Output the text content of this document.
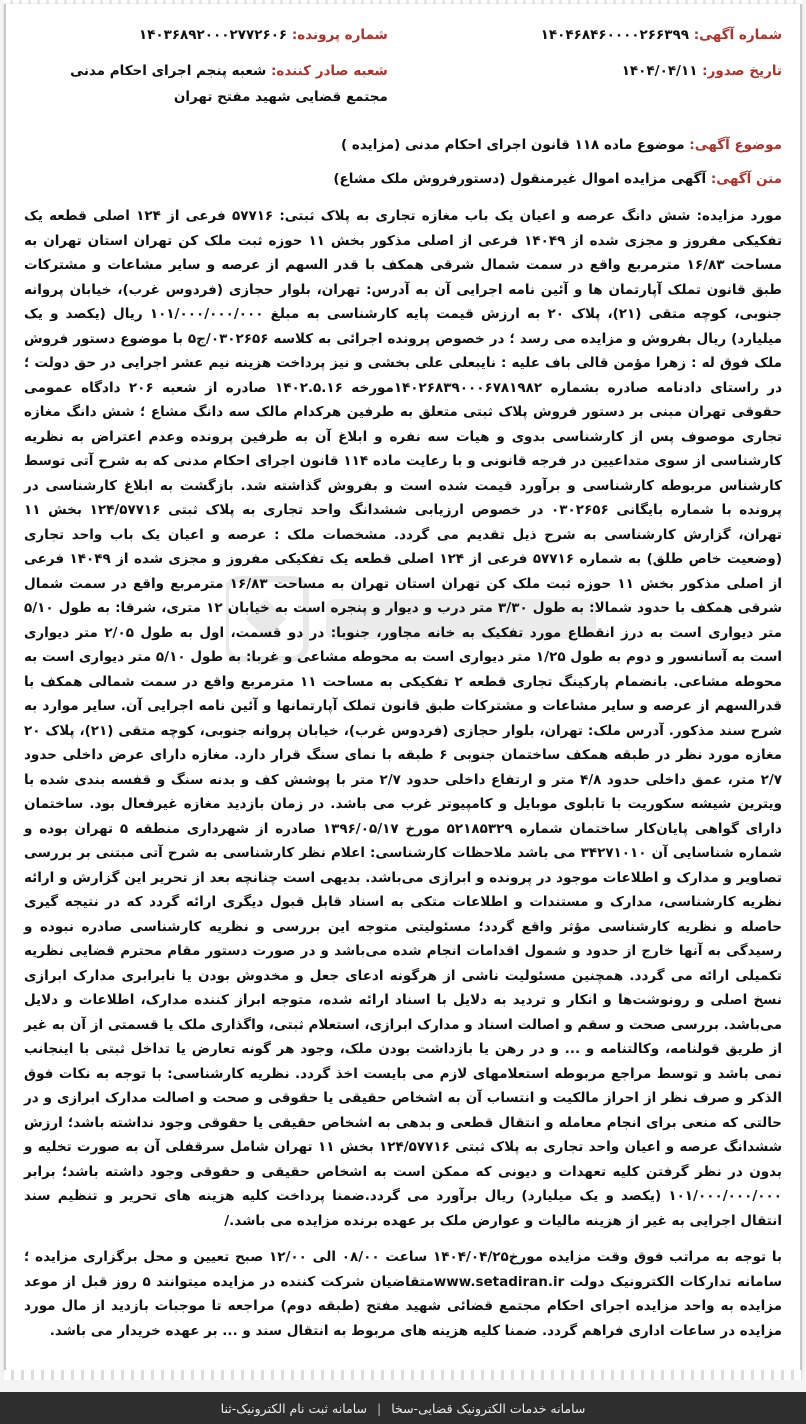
شماره آگهی: ۱۴۰۴۶۸۴۶۰۰۰۰۲۶۶۳۹۹
شماره پرونده: ۱۴۰۳۶۸۹۲۰۰۰۲۷۷۲۶۰۶
تاریخ صدور: ۱۴۰۴/۰۴/۱۱
شعبه صادر کننده: شعبه پنجم اجرای احکام مدنی مجتمع قضایی شهید مفتح تهران
موضوع آگهی: موضوع ماده ۱۱۸ قانون اجرای احکام مدنی (مزایده )
متن آگهی: آگهی مزایده اموال غیرمنقول (دستورفروش ملک مشاع)

مورد مزایده: شش دانگ عرصه و اعیان یک باب مغازه تجاری به پلاک ثبتی: ۵۷۷۱۶ فرعی از ۱۲۴ اصلی قطعه یک تفکیکی مفروز و مجزی شده از ۱۴۰۴۹ فرعی از اصلی مذکور بخش ۱۱ حوزه ثبت ملک کن تهران استان تهران به مساحت ۱۶/۸۳ مترمربع واقع در سمت شمال شرقی همکف با قدر السهم از عرصه و سایر مشاعات و مشترکات طبق قانون تملک آپارتمان ها و آئین نامه اجرایی آن به آدرس: تهران، بلوار حجازی (فردوس غرب)، خیابان پروانه جنوبی، کوچه متقی (۲۱)، پلاک ۲۰ به ارزش قیمت پایه کارشناسی به مبلغ ۱۰۱/۰۰۰/۰۰۰/۰۰۰ ریال (یکصد و یک میلیارد) ریال بفروش و مزایده می رسد ؛ در خصوص پرونده اجرائی به کلاسه ۰۳۰۲۶۵۶/ج۵ با موضوع دستور فروش ملک فوق له : زهرا مؤمن قالی باف علیه : نایبعلی علی بخشی و نیز پرداخت هزینه نیم عشر اجرایی در حق دولت ؛ در راستای دادنامه صادره بشماره ۱۴۰۲۶۸۳۹۰۰۰۶۷۸۱۹۸۲مورخه ۱۴۰۲.۵.۱۶ صادره از شعبه ۲۰۶ دادگاه عمومی حقوقی تهران مبنی بر دستور فروش پلاک ثبتی متعلق به طرفین هرکدام مالک سه دانگ مشاع ؛ شش دانگ مغازه تجاری موصوف پس از کارشناسی بدوی و هیات سه نفره و ابلاغ آن به طرفین پرونده وعدم اعتراض به نظریه کارشناسی از سوی متداعیین در فرجه قانونی و با رعایت ماده ۱۱۴ قانون اجرای احکام مدنی که به شرح آتی توسط کارشناس مربوطه کارشناسی و برآورد قیمت شده است و بفروش گذاشته شد. بازگشت به ابلاغ کارشناسی در پرونده با شماره بایگانی ۰۳۰۲۶۵۶ در خصوص ارزیابی ششدانگ واحد تجاری به پلاک ثبتی ۱۲۴/۵۷۷۱۶ بخش ۱۱ تهران، گزارش کارشناسی به شرح ذیل تقدیم می گردد. مشخصات ملک : عرصه و اعیان یک باب واحد تجاری (وضعیت خاص طلق) به شماره ۵۷۷۱۶ فرعی از ۱۲۴ اصلی قطعه یک تفکیکی مفروز و مجزی شده از ۱۴۰۴۹ فرعی از اصلی مذکور بخش ۱۱ حوزه ثبت ملک کن تهران استان تهران به مساحت ۱۶/۸۳ مترمربع واقع در سمت شمال شرقی همکف با حدود شمالا: به طول ۳/۳۰ متر درب و دیوار و پنجره است به خیابان ۱۲ متری، شرقا: به طول ۵/۱۰ متر دیواری است به درز انقطاع مورد تفکیک به خانه مجاور، جنوبا: در دو قسمت، اول به طول ۲/۰۵ متر دیواری است به آسانسور و دوم به طول ۱/۲۵ متر دیواری است به محوطه مشاعی و غربا: به طول ۵/۱۰ متر دیواری است به محوطه مشاعی. بانضمام پارکینگ تجاری قطعه ۲ تفکیکی به مساحت ۱۱ مترمربع واقع در سمت شمالی همکف با قدرالسهم از عرصه و سایر مشاعات و مشترکات طبق قانون تملک آپارتمانها و آئین نامه اجرایی آن. سایر موارد به شرح سند مذکور. آدرس ملک: تهران، بلوار حجازی (فردوس غرب)، خیابان پروانه جنوبی، کوچه متقی (۲۱)، پلاک ۲۰ مغازه مورد نظر در طبقه همکف ساختمان جنوبی ۶ طبقه با نمای سنگ قرار دارد. مغازه دارای عرض داخلی حدود ۲/۷ متر، عمق داخلی حدود ۴/۸ متر و ارتفاع داخلی حدود ۲/۷ متر با پوشش کف و بدنه سنگ و قفسه بندی شده با ویترین شیشه سکوریت با تابلوی موبایل و کامپیوتر غرب می باشد. در زمان بازدید مغازه غیرفعال بود. ساختمان دارای گواهی پایان‌کار ساختمان شماره ۵۲۱۸۵۳۲۹ مورخ ۱۳۹۶/۰۵/۱۷ صادره از شهرداری منطقه ۵ تهران بوده و شماره شناسایی آن ۳۴۲۷۱۰۱۰ می باشد ملاحظات کارشناسی: اعلام نظر کارشناسی به شرح آتی مبتنی بر بررسی تصاویر و مدارک و اطلاعات موجود در پرونده و ابرازی می‌باشد. بدیهی است چنانچه بعد از تحریر این گزارش و ارائه نظریه کارشناسی، مدارک و مستندات و اطلاعات متکی به اسناد قابل قبول دیگری ارائه گردد که در نتیجه گیری حاصله و نظریه کارشناسی مؤثر واقع گردد؛ مسئولیتی متوجه این بررسی و نظریه کارشناسی صادره نبوده و رسیدگی به آنها خارج از حدود و شمول اقدامات انجام شده می‌باشد و در صورت دستور مقام محترم قضایی نظریه تکمیلی ارائه می گردد. همچنین مسئولیت ناشی از هرگونه ادعای جعل و مخدوش بودن یا نابرابری مدارک ابرازی نسخ اصلی و رونوشت‌ها و انکار و تردید به دلایل با اسناد ارائه شده، متوجه ابراز کننده مدارک، اطلاعات و دلایل می‌باشد. بررسی صحت و سقم و اصالت اسناد و مدارک ابرازی، استعلام ثبتی، واگذاری ملک یا قسمتی از آن به غیر از طریق قولنامه، وکالتنامه و ... و در رهن یا بازداشت بودن ملک، وجود هر گونه تعارض یا تداخل ثبتی با اینجانب نمی باشد و توسط مراجع مربوطه استعلامهای لازم می بایست اخذ گردد. نظریه کارشناسی: با توجه به نکات فوق الذکر و صرف نظر از احراز مالکیت و انتساب آن به اشخاص حقیقی یا حقوقی و صحت و اصالت مدارک ابرازی و در حالتی که منعی برای انجام معامله و انتقال قطعی و بدهی به اشخاص حقیقی یا حقوقی وجود نداشته باشد؛ ارزش ششدانگ عرصه و اعیان واحد تجاری به پلاک ثبتی ۱۲۴/۵۷۷۱۶ بخش ۱۱ تهران شامل سرقفلی آن به صورت تخلیه و بدون در نظر گرفتن کلیه تعهدات و دیونی که ممکن است به اشخاص حقیقی و حقوقی وجود داشته باشد؛ برابر ۱۰۱/۰۰۰/۰۰۰/۰۰۰ (یکصد و یک میلیارد) ریال برآورد می گردد.ضمنا پرداخت کلیه هزینه های تحریر و تنظیم سند انتقال اجرایی به غیر از هزینه مالیات و عوارض ملک بر عهده برنده مزایده می باشد./

با توجه به مراتب فوق وقت مزایده مورخ۱۴۰۴/۰۴/۲۵ ساعت ۰۸/۰۰ الی ۱۲/۰۰ صبح تعیین و محل برگزاری مزایده ؛سامانه تدارکات الکترونیک دولت www.setadiran.irمتقاضیان شرکت کننده در مزایده میتوانند ۵ روز قبل از موعد مزایده به واحد مزایده اجرای احکام مجتمع قضائی شهید مفتح (طبقه دوم) مراجعه تا موجبات بازدید از مال مورد مزایده در ساعات اداری فراهم گردد. ضمنا کلیه هزینه های مربوط به انتقال سند و ... بر عهده خریدار می باشد.

سامانه خدمات الکترونیک قضایی-سخا
|
سامانه ثبت نام الکترونیک-ثنا
